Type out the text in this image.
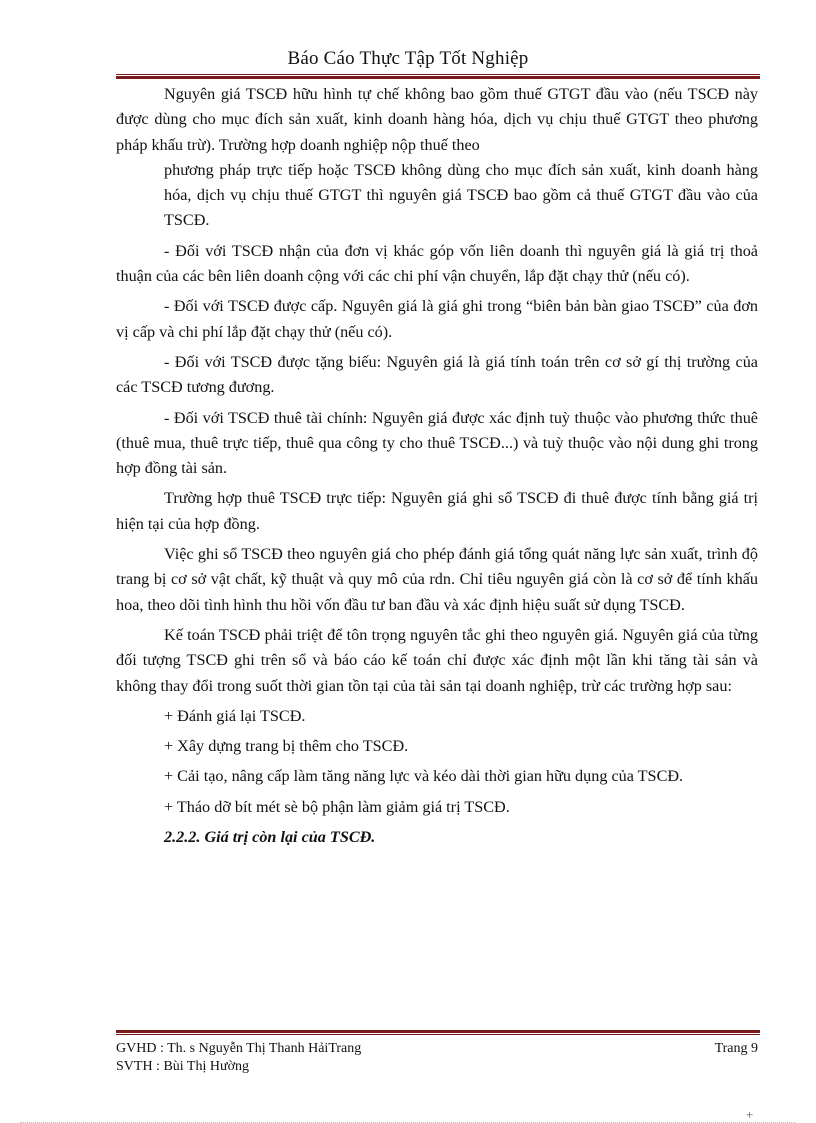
Báo Cáo Thực Tập Tốt Nghiệp

Nguyên giá TSCĐ hữu hình tự chế không bao gồm thuế GTGT đầu vào (nếu TSCĐ này được dùng cho mục đích sản xuất, kinh doanh hàng hóa, dịch vụ chịu thuế GTGT theo phương pháp khấu trừ). Trường hợp doanh nghiệp nộp thuế theo

phương pháp trực tiếp hoặc TSCĐ không dùng cho mục đích sản xuất, kinh doanh hàng hóa, dịch vụ chịu thuế GTGT thì nguyên giá TSCĐ bao gồm cả thuế GTGT đầu vào của TSCĐ.

- Đối với TSCĐ nhận của đơn vị khác góp vốn liên doanh thì nguyên giá là giá trị thoả thuận của các bên liên doanh cộng với các chi phí vận chuyển, lắp đặt chạy thử (nếu có).

- Đối với TSCĐ được cấp. Nguyên giá là giá ghi trong “biên bản bàn giao TSCĐ” của đơn vị cấp và chi phí lắp đặt chạy thử (nếu có).

- Đối với TSCĐ được tặng biếu: Nguyên giá là giá tính toán trên cơ sở gí thị trường của các TSCĐ tương đương.

- Đối với TSCĐ thuê tài chính: Nguyên giá được xác định tuỳ thuộc vào phương thức thuê (thuê mua, thuê trực tiếp, thuê qua công ty cho thuê TSCĐ...) và tuỳ thuộc vào nội dung ghi trong hợp đồng tài sản.

Trường hợp thuê TSCĐ trực tiếp: Nguyên giá ghi sổ TSCĐ đi thuê được tính bằng giá trị hiện tại của hợp đồng.

Việc ghi sổ TSCĐ theo nguyên giá cho phép đánh giá tổng quát năng lực sản xuất, trình độ trang bị cơ sở vật chất, kỹ thuật và quy mô của rdn. Chỉ tiêu nguyên giá còn là cơ sở để tính khấu hoa, theo dõi tình hình thu hồi vốn đầu tư ban đầu và xác định hiệu suất sử dụng TSCĐ.

Kế toán TSCĐ phải triệt để tôn trọng nguyên tắc ghi theo nguyên giá. Nguyên giá của từng đối tượng TSCĐ ghi trên sổ và báo cáo kế toán chỉ được xác định một lần khi tăng tài sản và không thay đổi trong suốt thời gian tồn tại của tài sản tại doanh nghiệp, trừ các trường hợp sau:

+ Đánh giá lại TSCĐ.

+ Xây dựng trang bị thêm cho TSCĐ.

+ Cải tạo, nâng cấp làm tăng năng lực và kéo dài thời gian hữu dụng của TSCĐ.

+ Tháo dỡ bít mét sè bộ phận làm giảm giá trị TSCĐ.

2.2.2. Giá trị còn lại của TSCĐ.

GVHD : Th. s Nguyễn Thị Thanh HảiTrang	Trang 9
SVTH : Bùi Thị Hường
+
